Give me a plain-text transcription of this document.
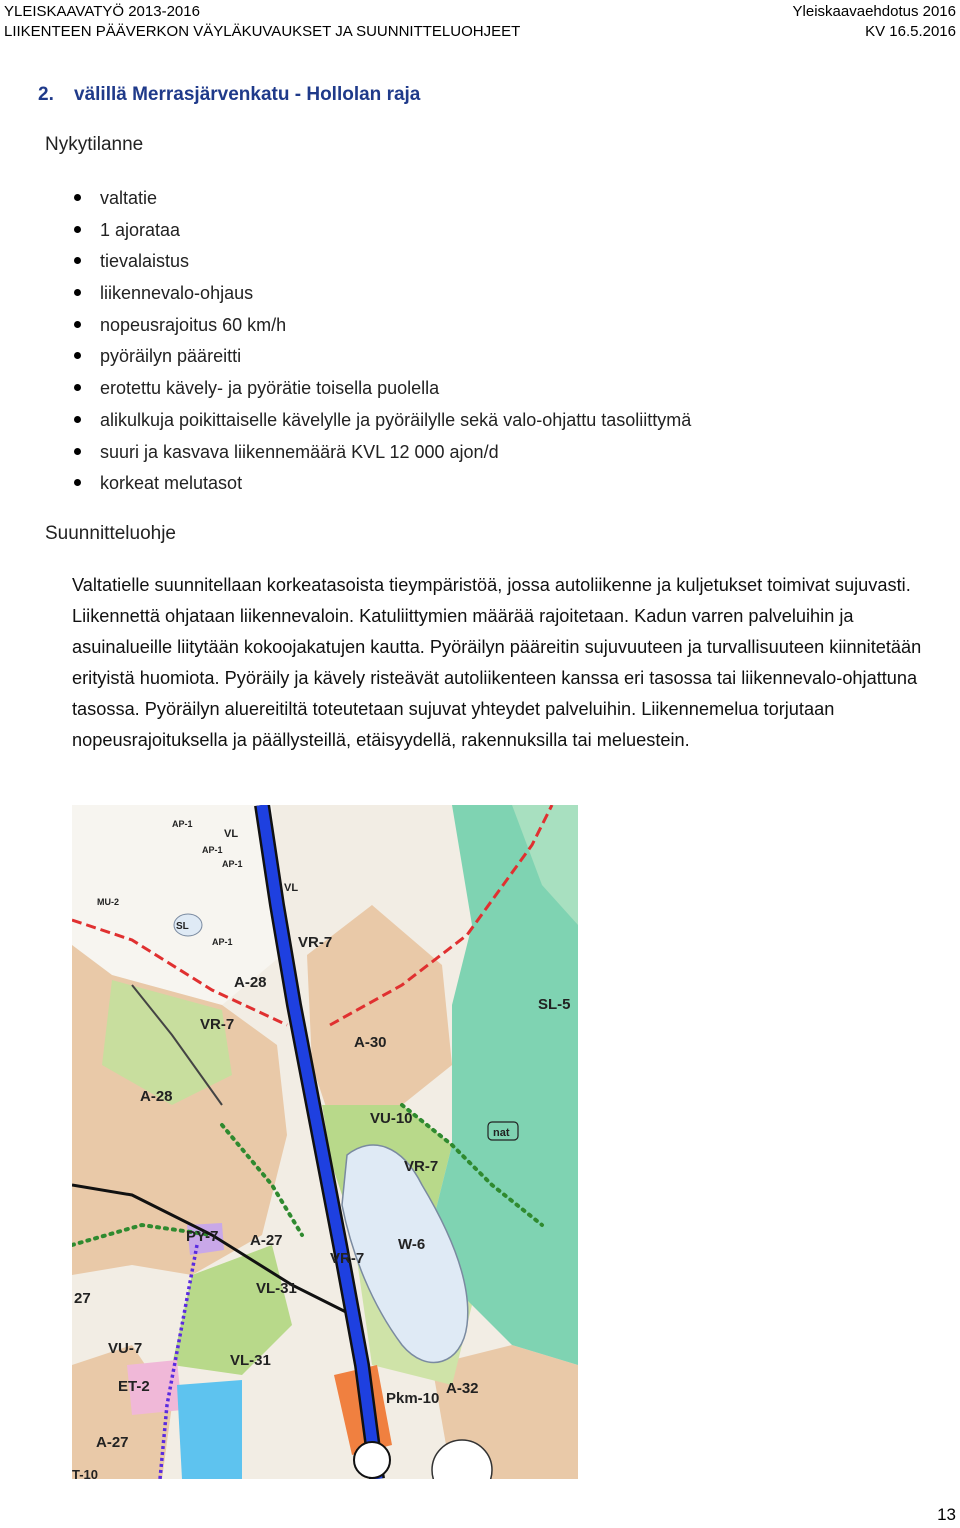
YLEISKAAVATYÖ 2013-2016
LIIKENTEEN PÄÄVERKON VÄYLÄKUVAUKSET JA SUUNNITTELUOHJEET
Yleiskaavaehdotus 2016
KV 16.5.2016
2. välillä Merrasjärvenkatu - Hollolan raja
Nykytilanne
valtatie
1 ajorataa
tievalaistus
liikennevalo-ohjaus
nopeusrajoitus 60 km/h
pyöräilyn pääreitti
erotettu kävely- ja pyörätie toisella puolella
alikulkuja poikittaiselle kävelylle ja pyöräilylle sekä valo-ohjattu tasoliittymä
suuri ja kasvava liikennemäärä KVL 12 000 ajon/d
korkeat melutasot
Suunnitteluohje
Valtatielle suunnitellaan korkeatasoista tieympäristöä, jossa autoliikenne ja kuljetukset toimivat sujuvasti. Liikennettä ohjataan liikennevaloin. Katuliittymien määrää rajoitetaan. Kadun varren palveluihin ja asuinalueille liitytään kokoojakatujen kautta. Pyöräilyn pääreitin sujuvuuteen ja turvallisuuteen kiinnitetään erityistä huomiota. Pyöräily ja kävely risteävät autoliikenteen kanssa eri tasossa tai liikennevalo-ohjattuna tasossa. Pyöräilyn aluereitiltä toteutetaan sujuvat yhteydet palveluihin. Liikennemelua torjutaan nopeusrajoituksella ja päällysteillä, etäisyydellä, rakennuksilla tai meluestein.
AP-1
VL
AP-1
AP-1
VL
MU-2
SL
AP-1	VR-7
A-28
VR-7
A-30
SL-5
A-28
VU-10
nat
VR-7
PY-7 A-27	W-6
VR-7
VL-31
27
VU-7
VL-31
ET-2
Pkm-10
A-32
A-27
T-10
13
